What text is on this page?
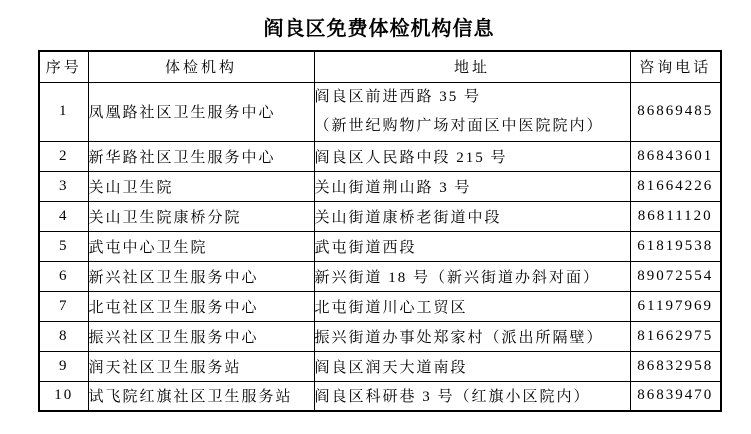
阎良区免费体检机构信息
序号	体检机构	地址	咨询电话
1	凤凰路社区卫生服务中心	阎良区前进西路 35 号
（新世纪购物广场对面区中医院院内）	86869485
2	新华路社区卫生服务中心	阎良区人民路中段 215 号	86843601
3	关山卫生院	关山街道荆山路 3 号	81664226
4	关山卫生院康桥分院	关山街道康桥老街道中段	86811120
5	武屯中心卫生院	武屯街道西段	61819538
6	新兴社区卫生服务中心	新兴街道 18 号（新兴街道办斜对面）	89072554
7	北屯社区卫生服务中心	北屯街道川心工贸区	61197969
8	振兴社区卫生服务中心	振兴街道办事处郑家村（派出所隔壁）	81662975
9	润天社区卫生服务站	阎良区润天大道南段	86832958
10	试飞院红旗社区卫生服务站	阎良区科研巷 3 号（红旗小区院内）	86839470
